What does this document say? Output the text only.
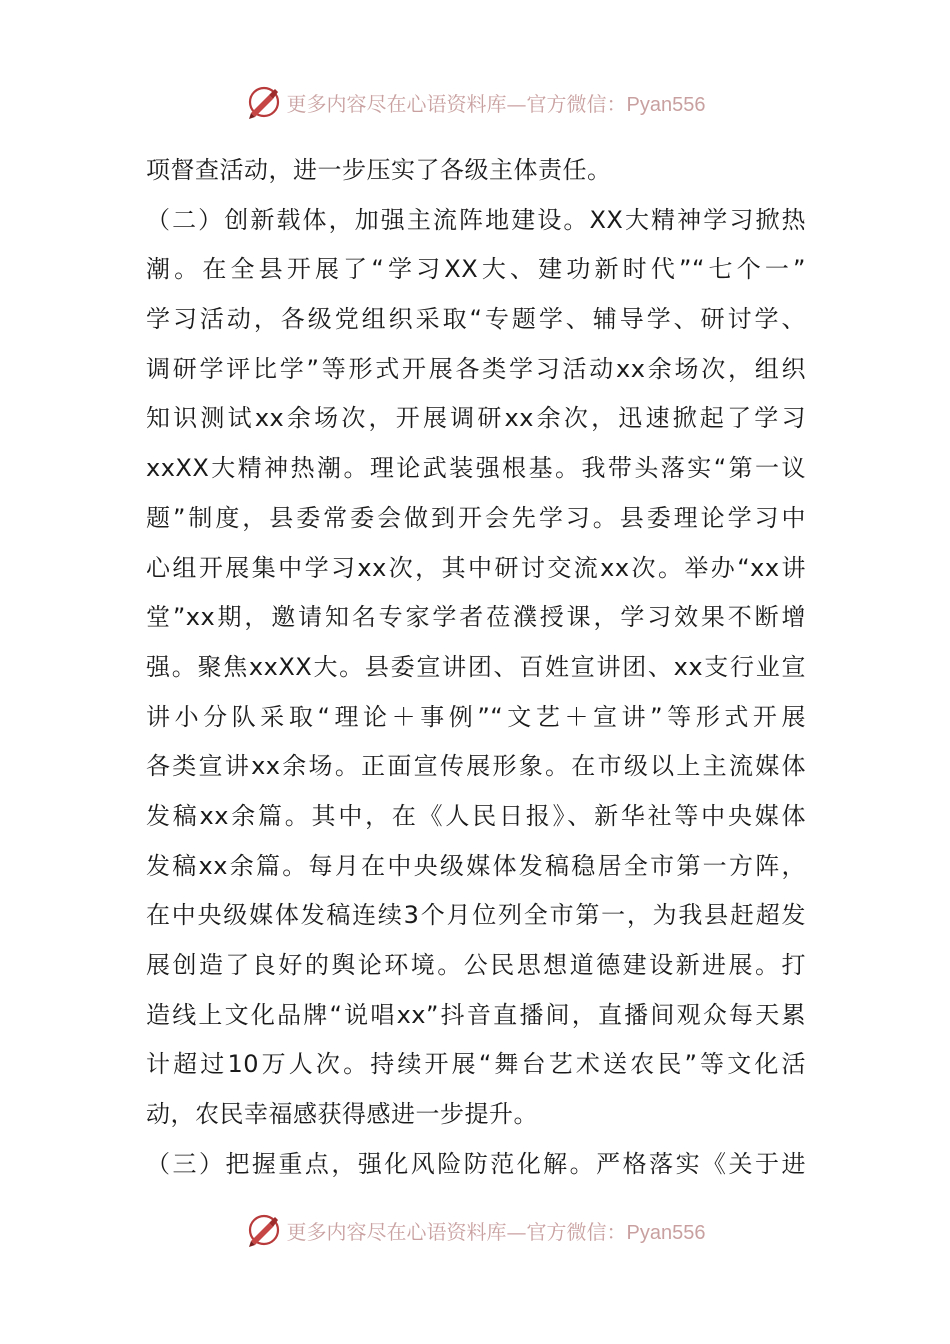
更多内容尽在心语资料库—官方微信：Pyan556
项督查活动，进一步压实了各级主体责任。
（二）创新载体，加强主流阵地建设。XX大精神学习掀热
潮。在全县开展了“学习XX大、建功新时代”“七个一”
学习活动，各级党组织采取“专题学、辅导学、研讨学、
调研学评比学”等形式开展各类学习活动xx余场次，组织
知识测试xx余场次，开展调研xx余次，迅速掀起了学习
xxXX大精神热潮。理论武装强根基。我带头落实“第一议
题”制度，县委常委会做到开会先学习。县委理论学习中
心组开展集中学习xx次，其中研讨交流xx次。举办“xx讲
堂”xx期，邀请知名专家学者莅濮授课，学习效果不断增
强。聚焦xxXX大。县委宣讲团、百姓宣讲团、xx支行业宣
讲小分队采取“理论＋事例”“文艺＋宣讲”等形式开展
各类宣讲xx余场。正面宣传展形象。在市级以上主流媒体
发稿xx余篇。其中，在《人民日报》、新华社等中央媒体
发稿xx余篇。每月在中央级媒体发稿稳居全市第一方阵，
在中央级媒体发稿连续3个月位列全市第一，为我县赶超发
展创造了良好的舆论环境。公民思想道德建设新进展。打
造线上文化品牌“说唱xx”抖音直播间，直播间观众每天累
计超过10万人次。持续开展“舞台艺术送农民”等文化活
动，农民幸福感获得感进一步提升。
（三）把握重点，强化风险防范化解。严格落实《关于进
更多内容尽在心语资料库—官方微信：Pyan556
